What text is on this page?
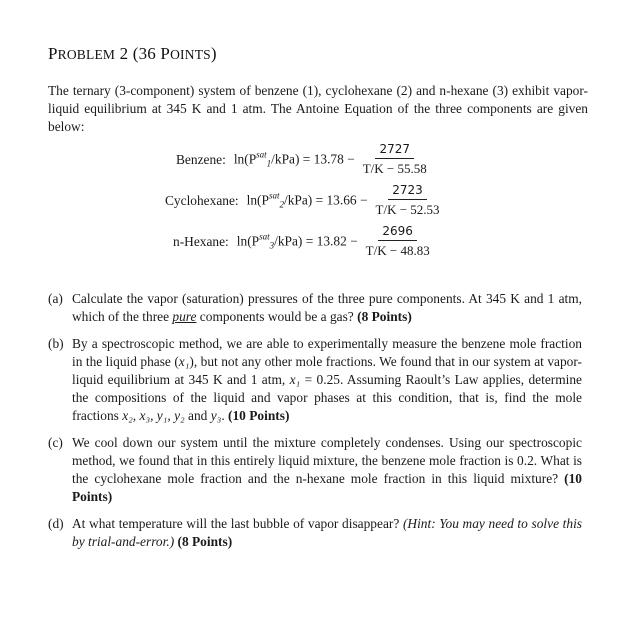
PROBLEM 2 (36 POINTS)
The ternary (3-component) system of benzene (1), cyclohexane (2) and n-hexane (3) exhibit vapor-liquid equilibrium at 345 K and 1 atm. The Antoine Equation of the three components are given below:
Benzene: $\ln(P^{sat}_1/kPa) = 13.78 - \frac{2727}{T/K - 55.58}$
Cyclohexane: $\ln(P^{sat}_2/kPa) = 13.66 - \frac{2723}{T/K - 52.53}$
n-Hexane: $\ln(P^{sat}_3/kPa) = 13.82 - \frac{2696}{T/K - 48.83}$
(a) Calculate the vapor (saturation) pressures of the three pure components. At 345 K and 1 atm, which of the three pure components would be a gas? (8 Points)
(b) By a spectroscopic method, we are able to experimentally measure the benzene mole fraction in the liquid phase (x₁), but not any other mole fractions. We found that in our system at vapor-liquid equilibrium at 345 K and 1 atm, x₁ = 0.25. Assuming Raoult’s Law applies, determine the compositions of the liquid and vapor phases at this condition, that is, find the mole fractions x₂, x₃, y₁, y₂ and y₃. (10 Points)
(c) We cool down our system until the mixture completely condenses. Using our spectroscopic method, we found that in this entirely liquid mixture, the benzene mole fraction is 0.2. What is the cyclohexane mole fraction and the n-hexane mole fraction in this liquid mixture? (10 Points)
(d) At what temperature will the last bubble of vapor disappear? (Hint: You may need to solve this by trial-and-error.) (8 Points)
